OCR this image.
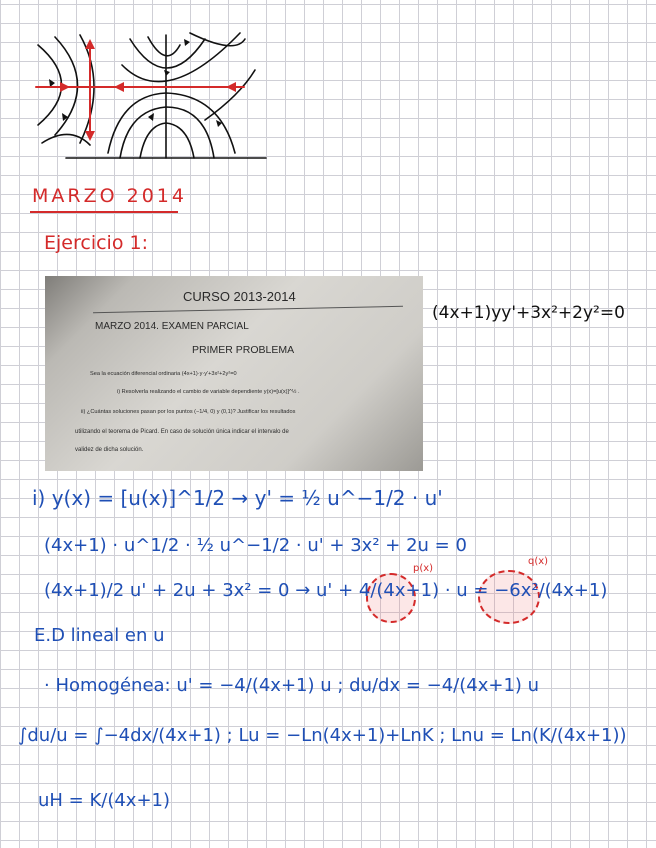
MARZO 2014
Ejercicio 1:
CURSO 2013-2014
MARZO 2014. EXAMEN PARCIAL
PRIMER PROBLEMA
Sea la ecuación diferencial ordinaria (4x+1)·y·y'+3x²+2y²=0
i) Resolverla realizando el cambio de variable dependiente y(x)=[u(x)]^½ .
ii) ¿Cuántas soluciones pasan por los puntos (−1/4, 0) y (0,1)? Justificar los resultados
utilizando el teorema de Picard. En caso de solución única indicar el intervalo de
validez de dicha solución.
(4x+1)yy'+3x²+2y²=0
i) y(x) = [u(x)]^1/2 → y' = ½ u^−1/2 · u'
(4x+1) · u^1/2 · ½ u^−1/2 · u' + 3x² + 2u = 0
p(x)
q(x)
(4x+1)/2 u' + 2u + 3x² = 0 → u' + 4/(4x+1) · u = −6x²/(4x+1)
E.D lineal en u
· Homogénea: u' = −4/(4x+1) u ; du/dx = −4/(4x+1) u
∫du/u = ∫−4dx/(4x+1) ; Lu = −Ln(4x+1)+LnK ; Lnu = Ln(K/(4x+1))
uH = K/(4x+1)
